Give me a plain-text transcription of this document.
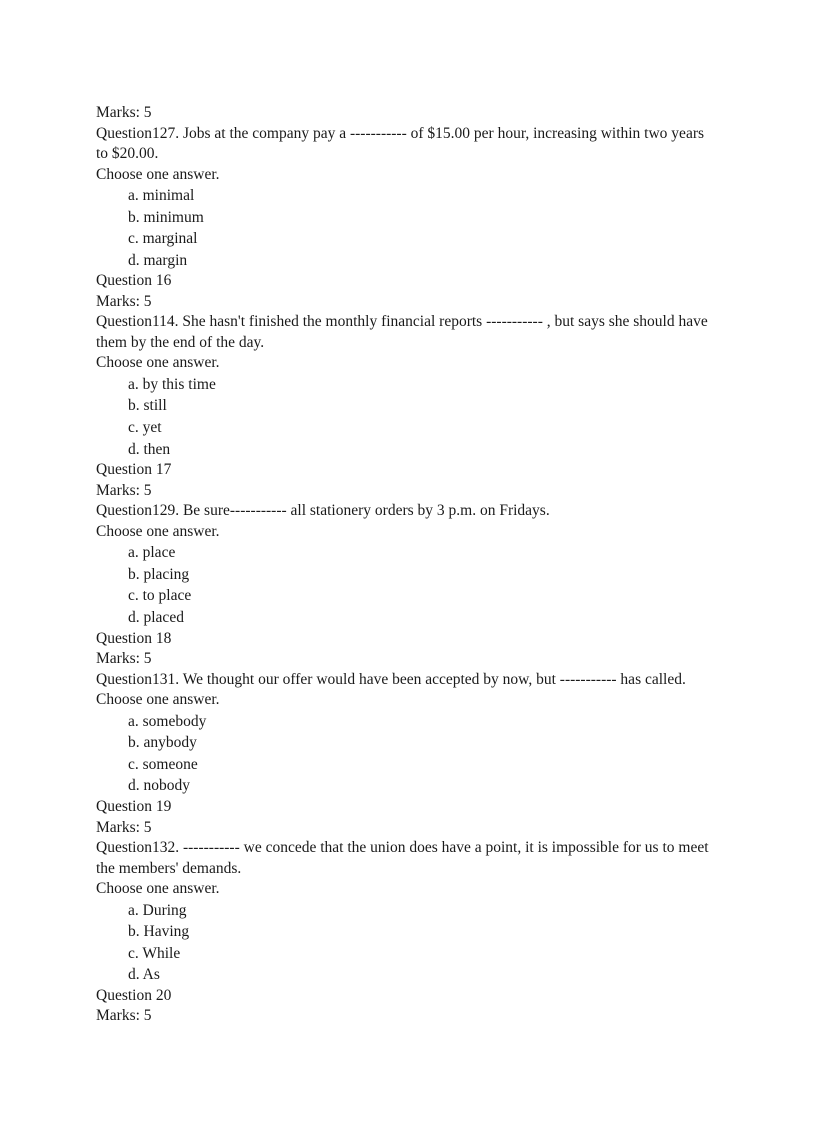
Marks: 5
Question127. Jobs at the company pay a ----------- of $15.00 per hour, increasing within two years to $20.00.
Choose one answer.
a. minimal
b. minimum
c. marginal
d. margin
Question 16
Marks: 5
Question114. She hasn't finished the monthly financial reports ----------- , but says she should have them by the end of the day.
Choose one answer.
a. by this time
b. still
c. yet
d. then
Question 17
Marks: 5
Question129. Be sure----------- all stationery orders by 3 p.m. on Fridays.
Choose one answer.
a. place
b. placing
c. to place
d. placed
Question 18
Marks: 5
Question131. We thought our offer would have been accepted by now, but ----------- has called.
Choose one answer.
a. somebody
b. anybody
c. someone
d. nobody
Question 19
Marks: 5
Question132. ----------- we concede that the union does have a point, it is impossible for us to meet the members' demands.
Choose one answer.
a. During
b. Having
c. While
d. As
Question 20
Marks: 5
